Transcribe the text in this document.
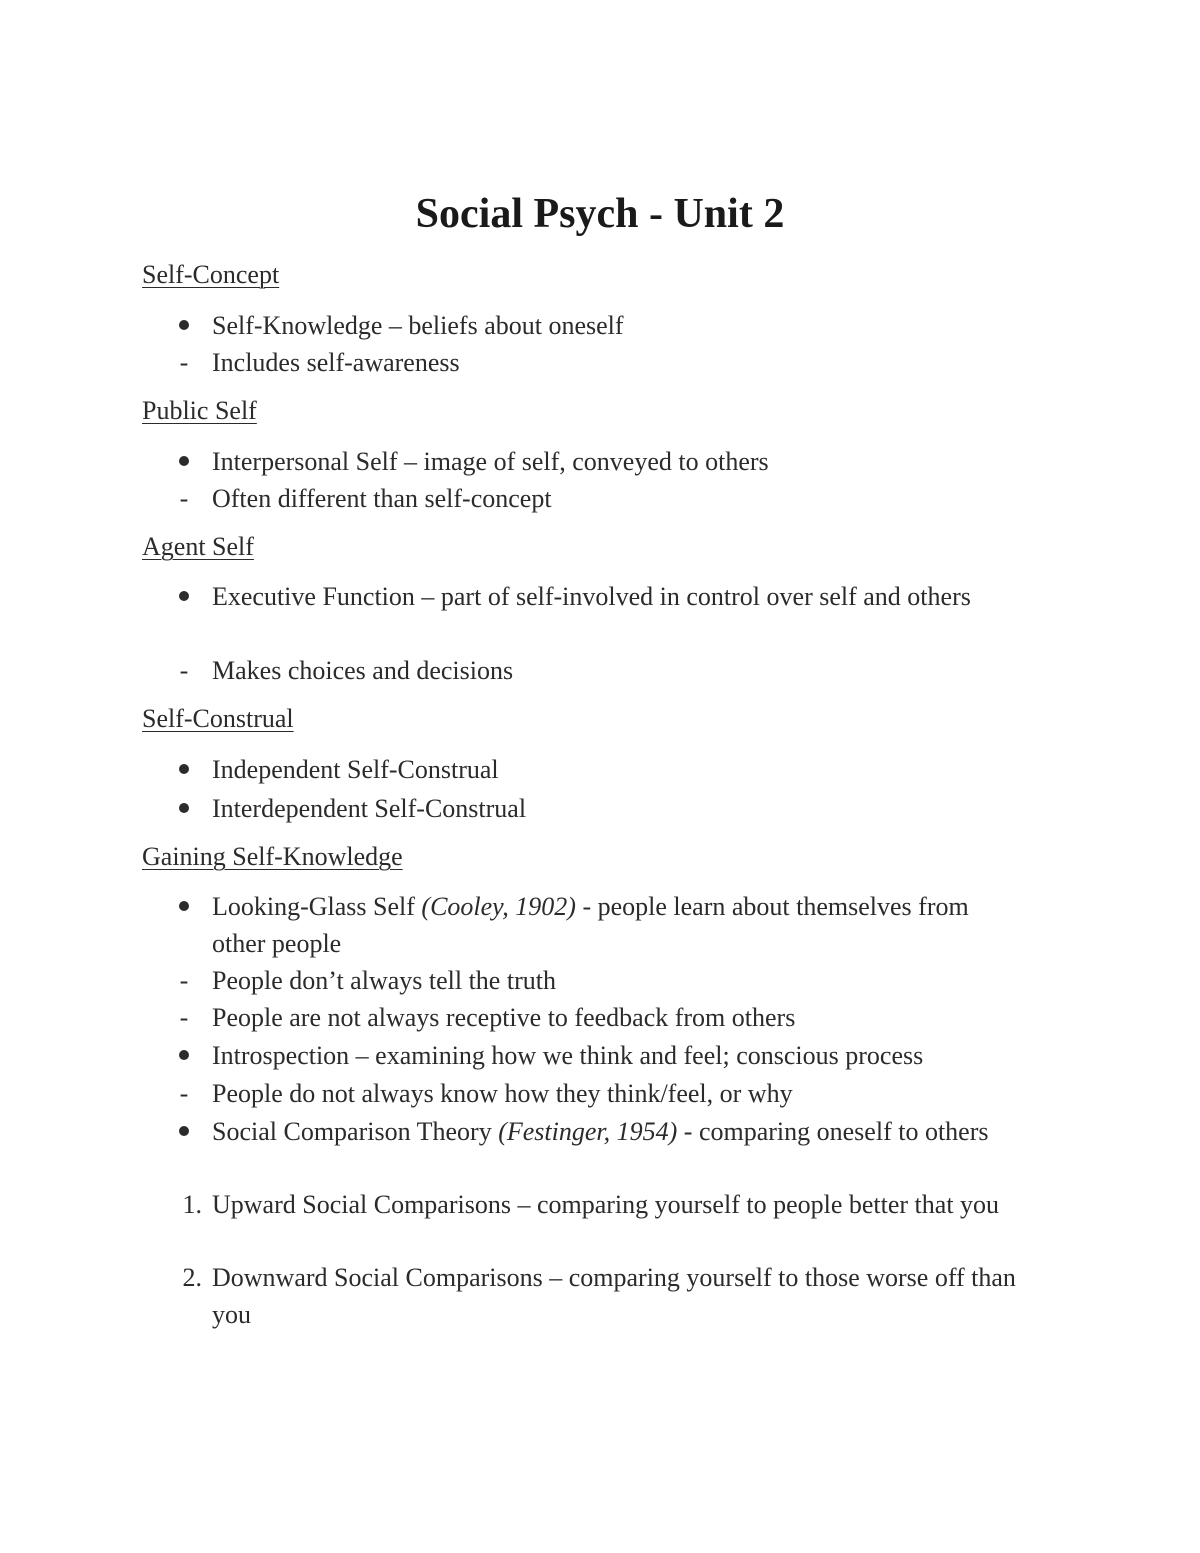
Social Psych - Unit 2
Self-Concept
Self-Knowledge – beliefs about oneself
- Includes self-awareness
Public Self
Interpersonal Self – image of self, conveyed to others
- Often different than self-concept
Agent Self
Executive Function – part of self-involved in control over self and others
- Makes choices and decisions
Self-Construal
Independent Self-Construal
Interdependent Self-Construal
Gaining Self-Knowledge
Looking-Glass Self (Cooley, 1902) - people learn about themselves from other people
- People don’t always tell the truth
- People are not always receptive to feedback from others
Introspection – examining how we think and feel; conscious process
- People do not always know how they think/feel, or why
Social Comparison Theory (Festinger, 1954) - comparing oneself to others
1. Upward Social Comparisons – comparing yourself to people better that you
2. Downward Social Comparisons – comparing yourself to those worse off than you
